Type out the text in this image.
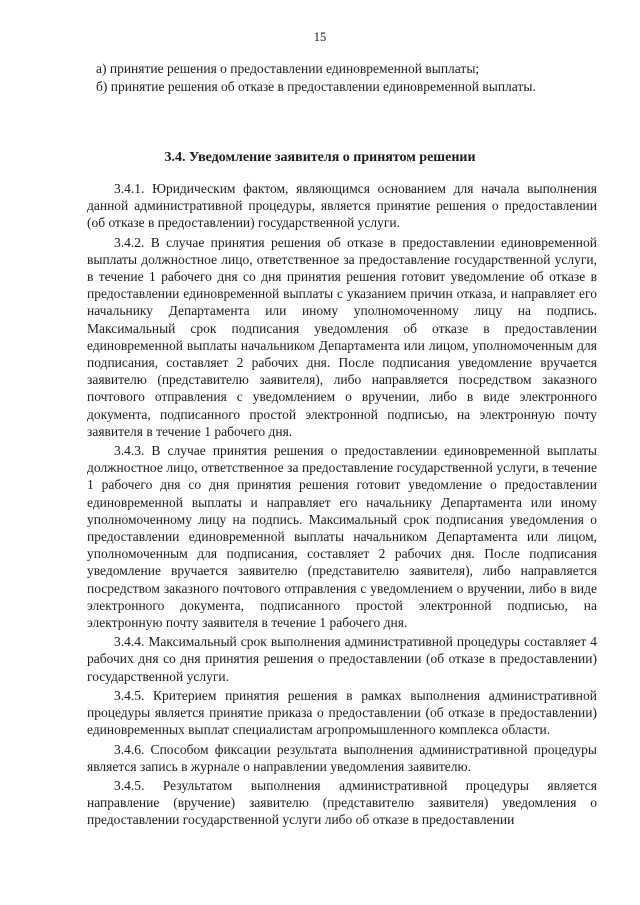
15

а) принятие решения о предоставлении единовременной выплаты;

б) принятие решения об отказе в предоставлении единовременной выплаты.

3.4. Уведомление заявителя о принятом решении

3.4.1. Юридическим фактом, являющимся основанием для начала выполнения данной административной процедуры, является принятие решения о предоставлении (об отказе в предоставлении) государственной услуги.

3.4.2. В случае принятия решения об отказе в предоставлении единовременной выплаты должностное лицо, ответственное за предоставление государственной услуги, в течение 1 рабочего дня со дня принятия решения готовит уведомление об отказе в предоставлении единовременной выплаты с указанием причин отказа, и направляет его начальнику Департамента или иному уполномоченному лицу на подпись. Максимальный срок подписания уведомления об отказе в предоставлении единовременной выплаты начальником Департамента или лицом, уполномоченным для подписания, составляет 2 рабочих дня. После подписания уведомление вручается заявителю (представителю заявителя), либо направляется посредством заказного почтового отправления с уведомлением о вручении, либо в виде электронного документа, подписанного простой электронной подписью, на электронную почту заявителя в течение 1 рабочего дня.

3.4.3. В случае принятия решения о предоставлении единовременной выплаты должностное лицо, ответственное за предоставление государственной услуги, в течение 1 рабочего дня со дня принятия решения готовит уведомление о предоставлении единовременной выплаты и направляет его начальнику Департамента или иному уполномоченному лицу на подпись. Максимальный срок подписания уведомления о предоставлении единовременной выплаты начальником Департамента или лицом, уполномоченным для подписания, составляет 2 рабочих дня. После подписания уведомление вручается заявителю (представителю заявителя), либо направляется посредством заказного почтового отправления с уведомлением о вручении, либо в виде электронного документа, подписанного простой электронной подписью, на электронную почту заявителя в течение 1 рабочего дня.

3.4.4. Максимальный срок выполнения административной процедуры составляет 4 рабочих дня со дня принятия решения о предоставлении (об отказе в предоставлении) государственной услуги.

3.4.5. Критерием принятия решения в рамках выполнения административной процедуры является принятие приказа о предоставлении (об отказе в предоставлении) единовременных выплат специалистам агропромышленного комплекса области.

3.4.6. Способом фиксации результата выполнения административной процедуры является запись в журнале о направлении уведомления заявителю.

3.4.5. Результатом выполнения административной процедуры является направление (вручение) заявителю (представителю заявителя) уведомления о предоставлении государственной услуги либо об отказе в предоставлении
